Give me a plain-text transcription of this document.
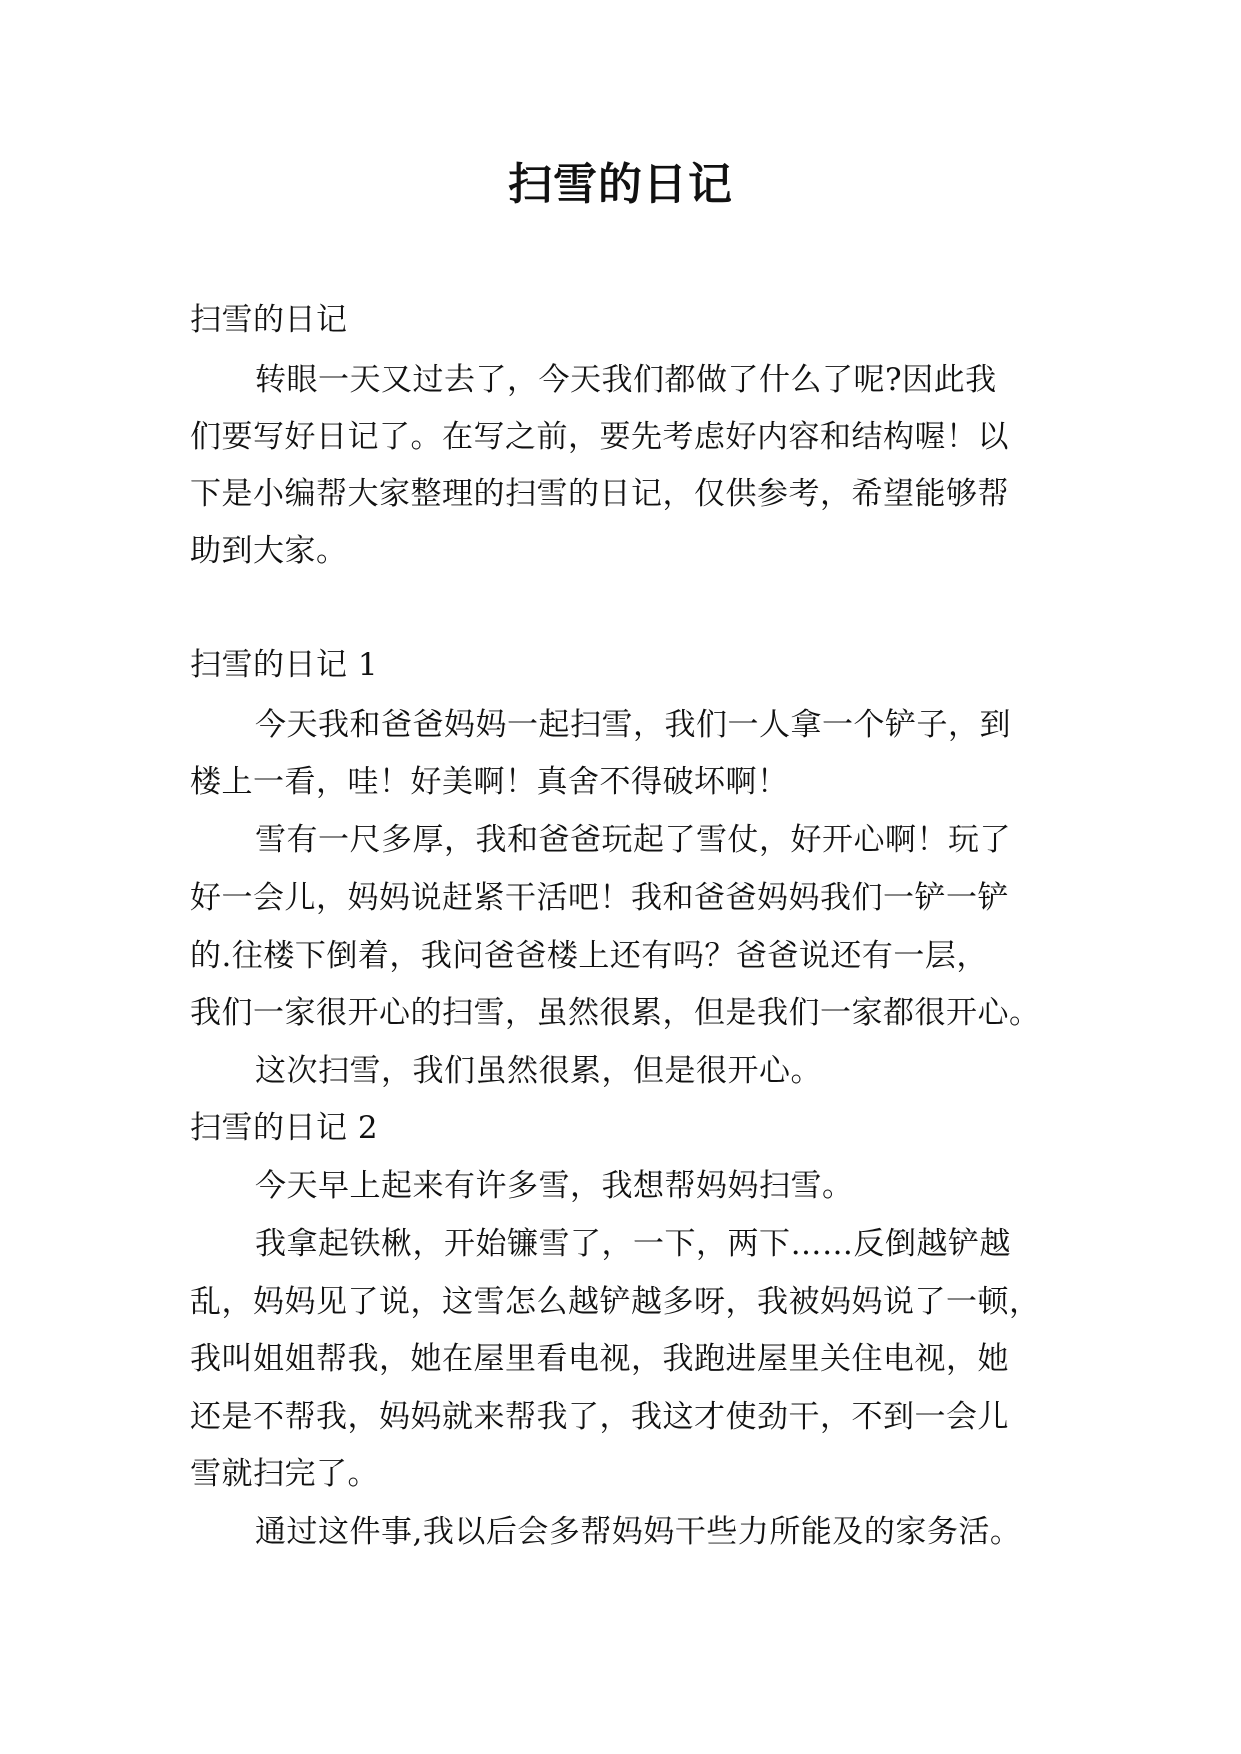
扫雪的日记
扫雪的日记
转眼一天又过去了，今天我们都做了什么了呢?因此我
们要写好日记了。在写之前，要先考虑好内容和结构喔！以
下是小编帮大家整理的扫雪的日记，仅供参考，希望能够帮
助到大家。
扫雪的日记 1
今天我和爸爸妈妈一起扫雪，我们一人拿一个铲子，到
楼上一看，哇！好美啊！真舍不得破坏啊！
雪有一尺多厚，我和爸爸玩起了雪仗，好开心啊！玩了
好一会儿，妈妈说赶紧干活吧！我和爸爸妈妈我们一铲一铲
的.往楼下倒着，我问爸爸楼上还有吗？爸爸说还有一层，
我们一家很开心的扫雪，虽然很累，但是我们一家都很开心。
这次扫雪，我们虽然很累，但是很开心。
扫雪的日记 2
今天早上起来有许多雪，我想帮妈妈扫雪。
我拿起铁楸，开始镰雪了，一下，两下……反倒越铲越
乱，妈妈见了说，这雪怎么越铲越多呀，我被妈妈说了一顿，
我叫姐姐帮我，她在屋里看电视，我跑进屋里关住电视，她
还是不帮我，妈妈就来帮我了，我这才使劲干，不到一会儿
雪就扫完了。
通过这件事,我以后会多帮妈妈干些力所能及的家务活。
